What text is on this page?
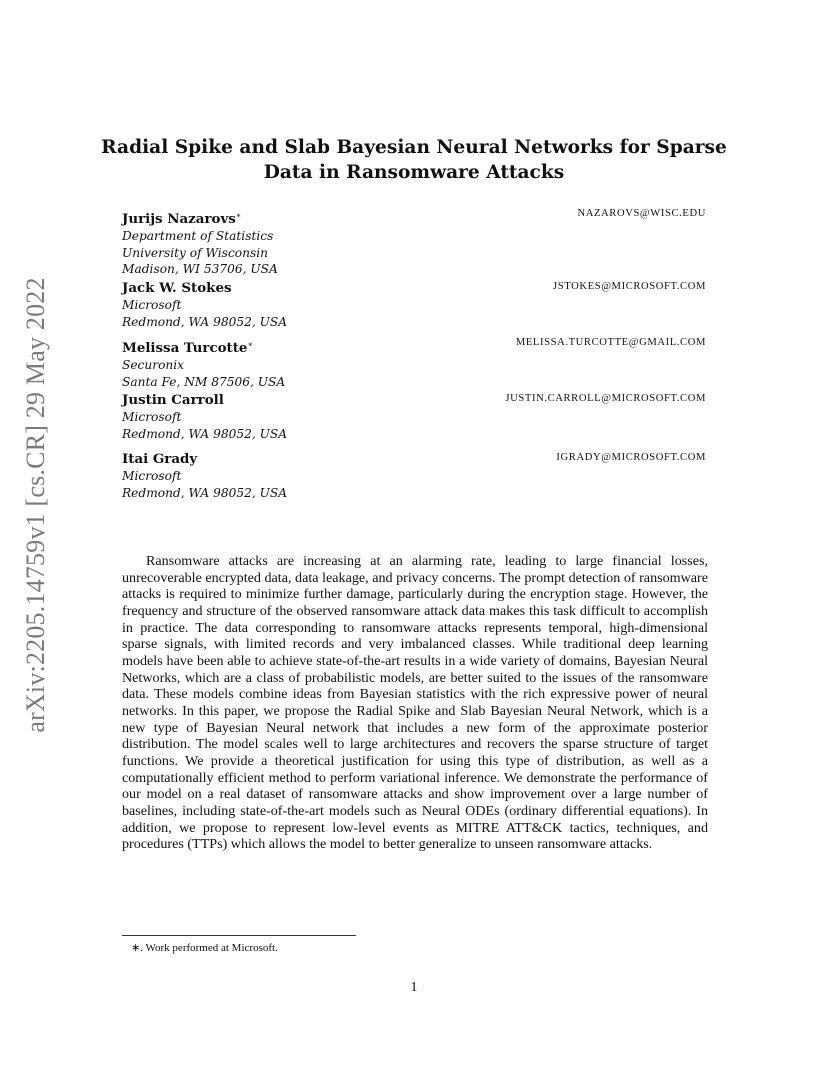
arXiv:2205.14759v1 [cs.CR] 29 May 2022
Radial Spike and Slab Bayesian Neural Networks for Sparse
Data in Ransomware Attacks
Jurijs Nazarovs∗	NAZAROVS@WISC.EDU
Department of Statistics
University of Wisconsin
Madison, WI 53706, USA
Jack W. Stokes	JSTOKES@MICROSOFT.COM
Microsoft
Redmond, WA 98052, USA
Melissa Turcotte∗	MELISSA.TURCOTTE@GMAIL.COM
Securonix
Santa Fe, NM 87506, USA
Justin Carroll	JUSTIN.CARROLL@MICROSOFT.COM
Microsoft
Redmond, WA 98052, USA
Itai Grady	IGRADY@MICROSOFT.COM
Microsoft
Redmond, WA 98052, USA

Ransomware attacks are increasing at an alarming rate, leading to large financial losses, unrecoverable encrypted data, data leakage, and privacy concerns. The prompt detection of ransomware attacks is required to minimize further damage, particularly during the encryption stage. However, the frequency and structure of the observed ransomware attack data makes this task difficult to accomplish in practice. The data corresponding to ransomware attacks represents temporal, high-dimensional sparse signals, with limited records and very imbalanced classes. While traditional deep learning models have been able to achieve state-of-the-art results in a wide variety of domains, Bayesian Neural Networks, which are a class of probabilistic models, are better suited to the issues of the ransomware data. These models combine ideas from Bayesian statistics with the rich expressive power of neural networks. In this paper, we propose the Radial Spike and Slab Bayesian Neural Network, which is a new type of Bayesian Neural network that includes a new form of the approximate posterior distribution. The model scales well to large architectures and recovers the sparse structure of target functions. We provide a theoretical justification for using this type of distribution, as well as a computationally efficient method to perform variational inference. We demonstrate the performance of our model on a real dataset of ransomware attacks and show improvement over a large number of baselines, including state-of-the-art models such as Neural ODEs (ordinary differential equations). In addition, we propose to represent low-level events as MITRE ATT&CK tactics, techniques, and procedures (TTPs) which allows the model to better generalize to unseen ransomware attacks.

∗. Work performed at Microsoft.
1
